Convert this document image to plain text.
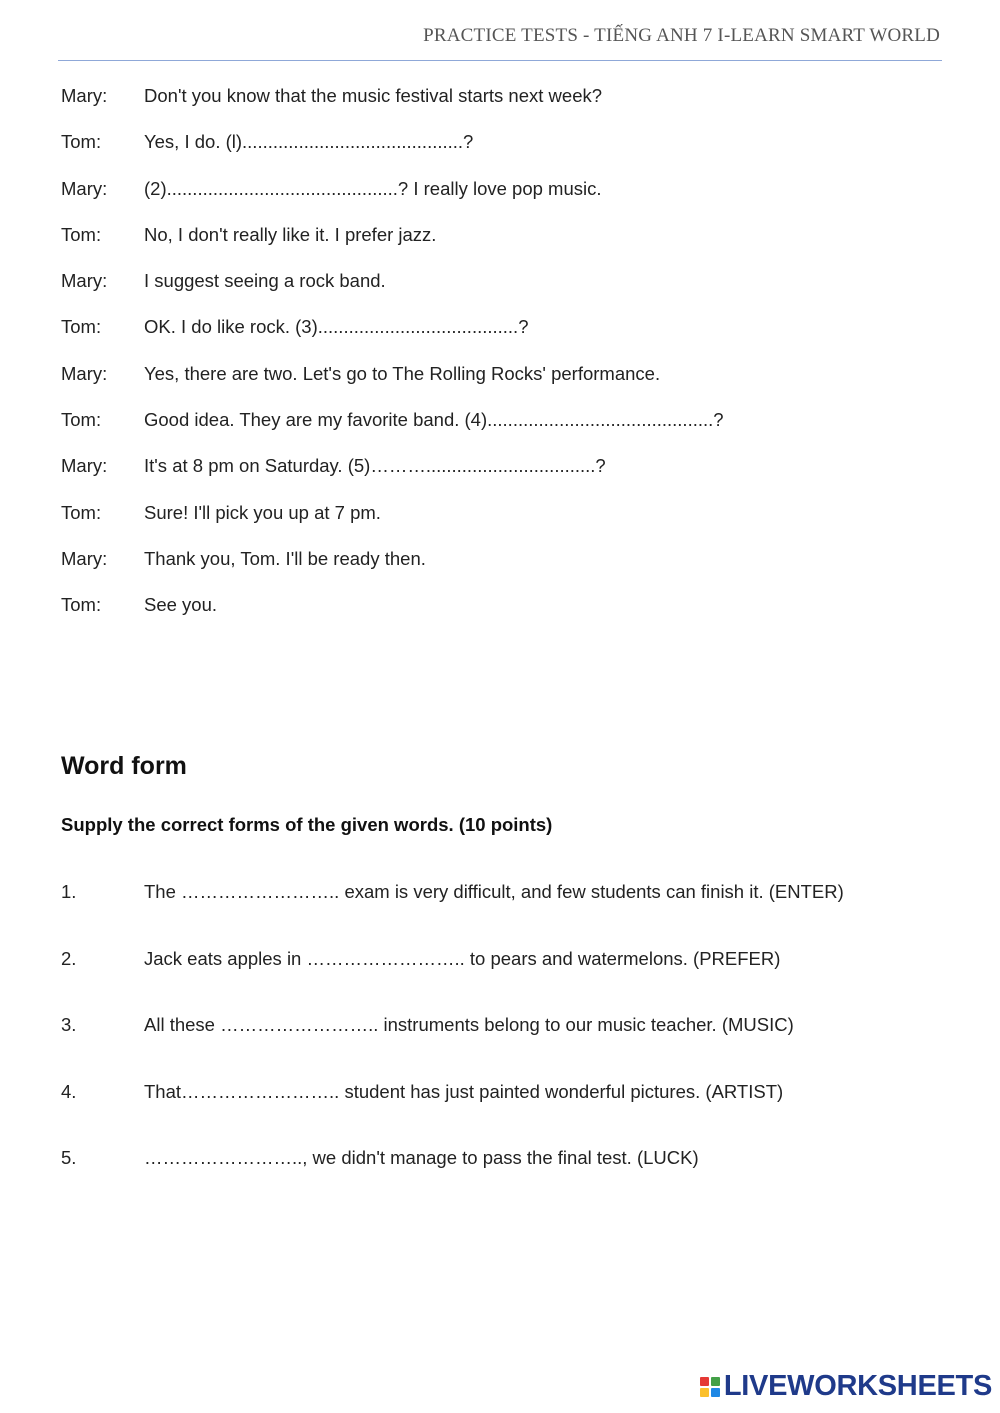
PRACTICE TESTS - TIẾNG ANH 7 I-LEARN SMART WORLD
Mary:	Don't you know that the music festival starts next week?
Tom:	Yes, I do. (l)...........................................?
Mary:	(2).............................................? I really love pop music.
Tom:	No, I don't really like it. I prefer jazz.
Mary:	I suggest seeing a rock band.
Tom:	OK. I do like rock. (3).......................................?
Mary:	Yes, there are two. Let's go to The Rolling Rocks' performance.
Tom:	Good idea. They are my favorite band. (4)............................................?
Mary:	It's at 8 pm on Saturday. (5)……….................................?
Tom:	Sure! I'll pick you up at 7 pm.
Mary:	Thank you, Tom. I'll be ready then.
Tom:	See you.
Word form
Supply the correct forms of the given words. (10 points)
1.	The …………………….. exam is very difficult, and few students can finish it. (ENTER)
2.	Jack eats apples in …………………….. to pears and watermelons. (PREFER)
3.	All these …………………….. instruments belong to our music teacher. (MUSIC)
4.	That…………………….. student has just painted wonderful pictures. (ARTIST)
5.	…………………….., we didn't manage to pass the final test. (LUCK)
LIVEWORKSHEETS
